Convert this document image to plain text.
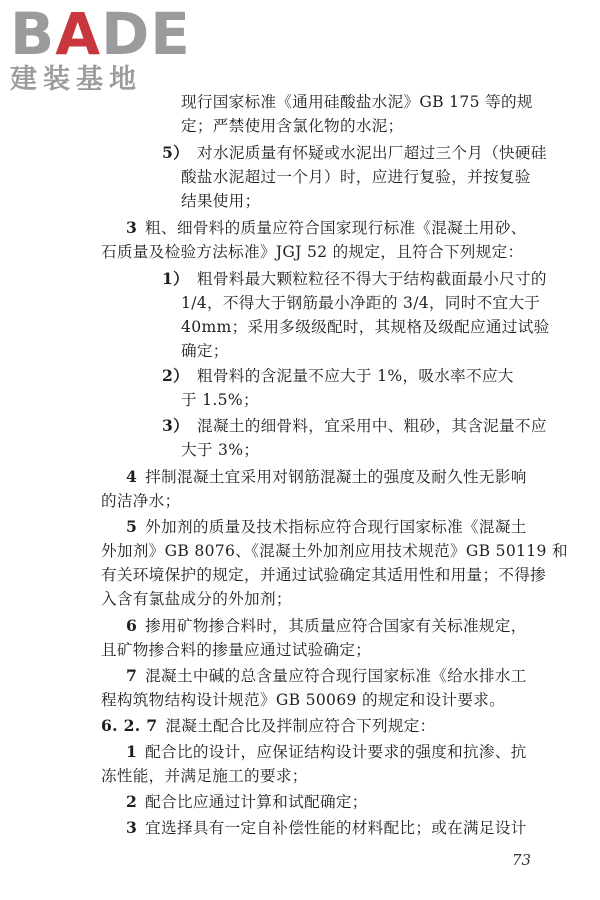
BADE
建装基地
现行国家标准《通用硅酸盐水泥》GB 175 等的规
定；严禁使用含氯化物的水泥；
5） 对水泥质量有怀疑或水泥出厂超过三个月（快硬硅
酸盐水泥超过一个月）时，应进行复验，并按复验
结果使用；
3 粗、细骨料的质量应符合国家现行标准《混凝土用砂、
石质量及检验方法标准》JGJ 52 的规定，且符合下列规定：
1） 粗骨料最大颗粒粒径不得大于结构截面最小尺寸的
1/4，不得大于钢筋最小净距的 3/4，同时不宜大于
40mm；采用多级级配时，其规格及级配应通过试验
确定；
2） 粗骨料的含泥量不应大于 1%，吸水率不应大
于 1.5%；
3） 混凝土的细骨料，宜采用中、粗砂，其含泥量不应
大于 3%；
4 拌制混凝土宜采用对钢筋混凝土的强度及耐久性无影响
的洁净水；
5 外加剂的质量及技术指标应符合现行国家标准《混凝土
外加剂》GB 8076、《混凝土外加剂应用技术规范》GB 50119 和
有关环境保护的规定，并通过试验确定其适用性和用量；不得掺
入含有氯盐成分的外加剂；
6 掺用矿物掺合料时，其质量应符合国家有关标准规定，
且矿物掺合料的掺量应通过试验确定；
7 混凝土中碱的总含量应符合现行国家标准《给水排水工
程构筑物结构设计规范》GB 50069 的规定和设计要求。
6. 2. 7 混凝土配合比及拌制应符合下列规定：
1 配合比的设计，应保证结构设计要求的强度和抗渗、抗
冻性能，并满足施工的要求；
2 配合比应通过计算和试配确定；
3 宜选择具有一定自补偿性能的材料配比；或在满足设计
73
